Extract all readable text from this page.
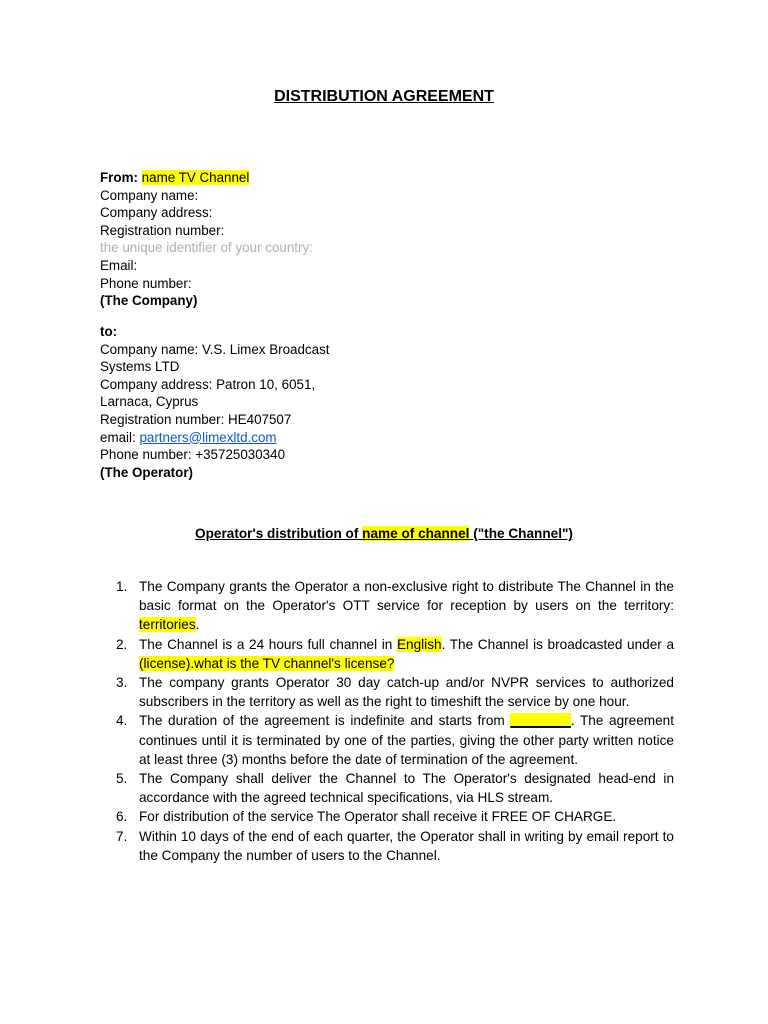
DISTRIBUTION AGREEMENT
From: name TV Channel
Company name:
Company address:
Registration number:
the unique identifier of your country:
Email:
Phone number:
(The Company)
to:
Company name: V.S. Limex Broadcast
Systems LTD
Company address: Patron 10, 6051,
Larnaca, Cyprus
Registration number: HE407507
email: partners@limexltd.com
Phone number: +35725030340
(The Operator)
Operator's distribution of name of channel ("the Channel")
1. The Company grants the Operator a non-exclusive right to distribute The Channel in the basic format on the Operator's OTT service for reception by users on the territory: territories.
2. The Channel is a 24 hours full channel in English. The Channel is broadcasted under a (license).what is the TV channel's license?
3. The company grants Operator 30 day catch-up and/or NVPR services to authorized subscribers in the territory as well as the right to timeshift the service by one hour.
4. The duration of the agreement is indefinite and starts from ________. The agreement continues until it is terminated by one of the parties, giving the other party written notice at least three (3) months before the date of termination of the agreement.
5. The Company shall deliver the Channel to The Operator's designated head-end in accordance with the agreed technical specifications, via HLS stream.
6. For distribution of the service The Operator shall receive it FREE OF CHARGE.
7. Within 10 days of the end of each quarter, the Operator shall in writing by email report to the Company the number of users to the Channel.
